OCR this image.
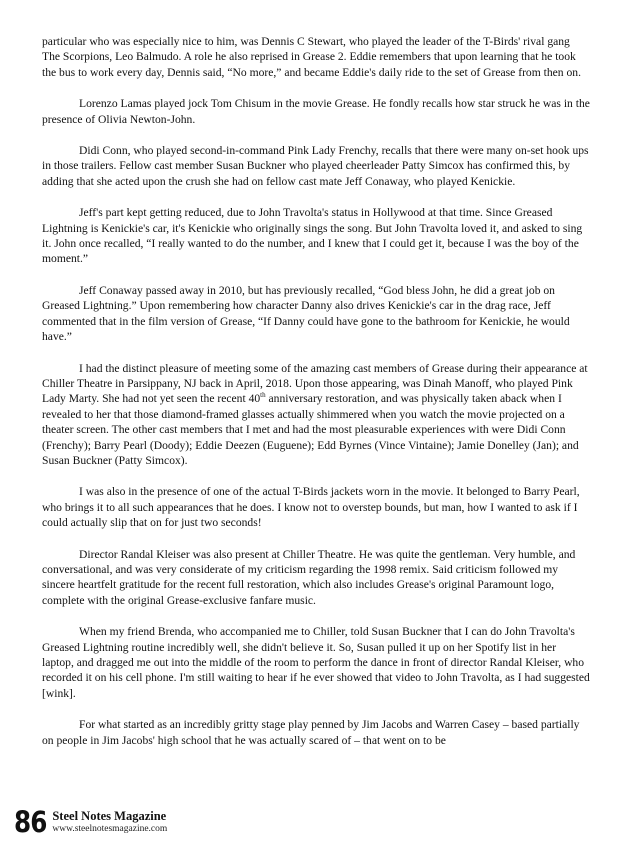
particular who was especially nice to him, was Dennis C Stewart, who played the leader of the T-Birds' rival gang The Scorpions, Leo Balmudo. A role he also reprised in Grease 2. Eddie remembers that upon learning that he took the bus to work every day, Dennis said, “No more,” and became Eddie's daily ride to the set of Grease from then on.

Lorenzo Lamas played jock Tom Chisum in the movie Grease. He fondly recalls how star struck he was in the presence of Olivia Newton-John.

Didi Conn, who played second-in-command Pink Lady Frenchy, recalls that there were many on-set hook ups in those trailers. Fellow cast member Susan Buckner who played cheerleader Patty Simcox has confirmed this, by adding that she acted upon the crush she had on fellow cast mate Jeff Conaway, who played Kenickie.

Jeff's part kept getting reduced, due to John Travolta's status in Hollywood at that time. Since Greased Lightning is Kenickie's car, it's Kenickie who originally sings the song. But John Travolta loved it, and asked to sing it. John once recalled, “I really wanted to do the number, and I knew that I could get it, because I was the boy of the moment.”

Jeff Conaway passed away in 2010, but has previously recalled, “God bless John, he did a great job on Greased Lightning.” Upon remembering how character Danny also drives Kenickie's car in the drag race, Jeff commented that in the film version of Grease, “If Danny could have gone to the bathroom for Kenickie, he would have.”

I had the distinct pleasure of meeting some of the amazing cast members of Grease during their appearance at Chiller Theatre in Parsippany, NJ back in April, 2018. Upon those appearing, was Dinah Manoff, who played Pink Lady Marty. She had not yet seen the recent 40th anniversary restoration, and was physically taken aback when I revealed to her that those diamond-framed glasses actually shimmered when you watch the movie projected on a theater screen. The other cast members that I met and had the most pleasurable experiences with were Didi Conn (Frenchy); Barry Pearl (Doody); Eddie Deezen (Euguene); Edd Byrnes (Vince Vintaine); Jamie Donelley (Jan); and Susan Buckner (Patty Simcox).

I was also in the presence of one of the actual T-Birds jackets worn in the movie. It belonged to Barry Pearl, who brings it to all such appearances that he does. I know not to overstep bounds, but man, how I wanted to ask if I could actually slip that on for just two seconds!

Director Randal Kleiser was also present at Chiller Theatre. He was quite the gentleman. Very humble, and conversational, and was very considerate of my criticism regarding the 1998 remix. Said criticism followed my sincere heartfelt gratitude for the recent full restoration, which also includes Grease's original Paramount logo, complete with the original Grease-exclusive fanfare music.

When my friend Brenda, who accompanied me to Chiller, told Susan Buckner that I can do John Travolta's Greased Lightning routine incredibly well, she didn't believe it. So, Susan pulled it up on her Spotify list in her laptop, and dragged me out into the middle of the room to perform the dance in front of director Randal Kleiser, who recorded it on his cell phone. I'm still waiting to hear if he ever showed that video to John Travolta, as I had suggested [wink].

For what started as an incredibly gritty stage play penned by Jim Jacobs and Warren Casey – based partially on people in Jim Jacobs' high school that he was actually scared of – that went on to be

86 Steel Notes Magazine
www.steelnotesmagazine.com
